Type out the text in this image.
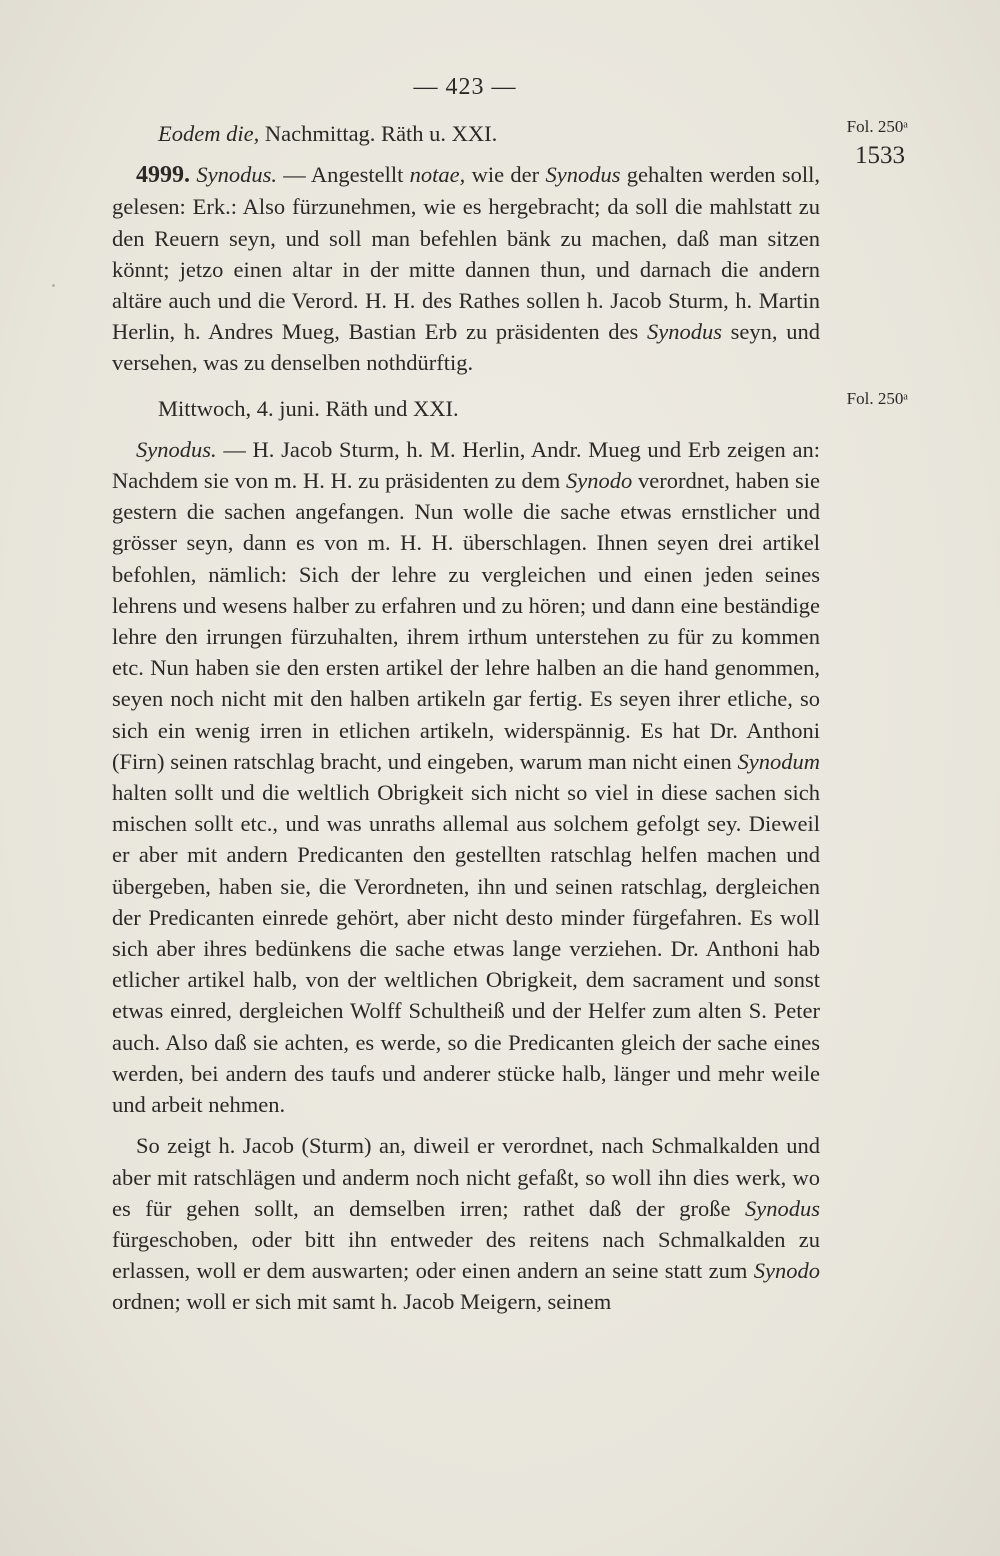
— 423 —
Fol. 250ᵃ
1533
Fol. 250ᵃ

Eodem die, Nachmittag. Räth u. XXI.

4999. Synodus. — Angestellt notae, wie der Synodus gehalten werden soll, gelesen: Erk.: Also fürzunehmen, wie es hergebracht; da soll die mahlstatt zu den Reuern seyn, und soll man befehlen bänk zu machen, daß man sitzen könnt; jetzo einen altar in der mitte dannen thun, und darnach die andern altäre auch und die Verord. H. H. des Rathes sollen h. Jacob Sturm, h. Martin Herlin, h. Andres Mueg, Bastian Erb zu präsidenten des Synodus seyn, und versehen, was zu denselben nothdürftig.

Mittwoch, 4. juni. Räth und XXI.

Synodus. — H. Jacob Sturm, h. M. Herlin, Andr. Mueg und Erb zeigen an: Nachdem sie von m. H. H. zu präsidenten zu dem Synodo verordnet, haben sie gestern die sachen angefangen. Nun wolle die sache etwas ernstlicher und grösser seyn, dann es von m. H. H. überschlagen. Ihnen seyen drei artikel befohlen, nämlich: Sich der lehre zu vergleichen und einen jeden seines lehrens und wesens halber zu erfahren und zu hören; und dann eine beständige lehre den irrungen fürzuhalten, ihrem irthum unterstehen zu für zu kommen etc. Nun haben sie den ersten artikel der lehre halben an die hand genommen, seyen noch nicht mit den halben artikeln gar fertig. Es seyen ihrer etliche, so sich ein wenig irren in etlichen artikeln, widerspännig. Es hat Dr. Anthoni (Firn) seinen ratschlag bracht, und eingeben, warum man nicht einen Synodum halten sollt und die weltlich Obrigkeit sich nicht so viel in diese sachen sich mischen sollt etc., und was unraths allemal aus solchem gefolgt sey. Dieweil er aber mit andern Predicanten den gestellten ratschlag helfen machen und übergeben, haben sie, die Verordneten, ihn und seinen ratschlag, dergleichen der Predicanten einrede gehört, aber nicht desto minder fürgefahren. Es woll sich aber ihres bedünkens die sache etwas lange verziehen. Dr. Anthoni hab etlicher artikel halb, von der weltlichen Obrigkeit, dem sacrament und sonst etwas einred, dergleichen Wolff Schultheiß und der Helfer zum alten S. Peter auch. Also daß sie achten, es werde, so die Predicanten gleich der sache eines werden, bei andern des taufs und anderer stücke halb, länger und mehr weile und arbeit nehmen.

So zeigt h. Jacob (Sturm) an, diweil er verordnet, nach Schmalkalden und aber mit ratschlägen und anderm noch nicht gefaßt, so woll ihn dies werk, wo es für gehen sollt, an demselben irren; rathet daß der große Synodus fürgeschoben, oder bitt ihn entweder des reitens nach Schmalkalden zu erlassen, woll er dem auswarten; oder einen andern an seine statt zum Synodo ordnen; woll er sich mit samt h. Jacob Meigern, seinem
